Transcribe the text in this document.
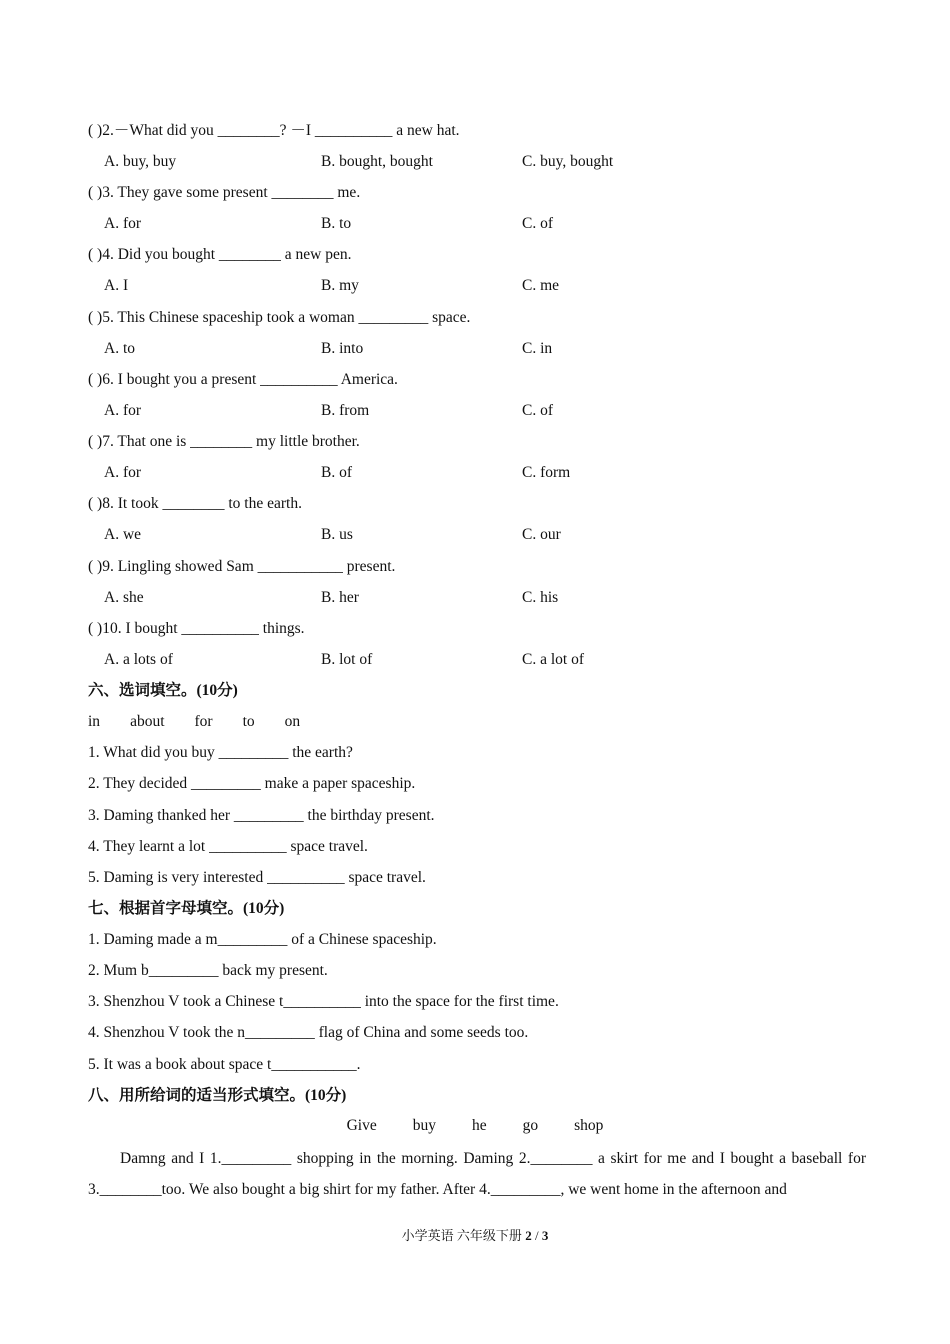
( )2.－What did you ________? －I __________ a new hat.
A. buy, buy	B. bought, bought	C. buy, bought
( )3. They gave some present ________ me.
A. for	B. to	C. of
( )4. Did you bought ________ a new pen.
A. I	B. my	C. me
( )5. This Chinese spaceship took a woman _________ space.
A. to	B. into	C. in
( )6. I bought you a present __________ America.
A. for	B. from	C. of
( )7. That one is ________ my little brother.
A. for	B. of	C. form
( )8. It took ________ to the earth.
A. we	B. us	C. our
( )9. Lingling showed Sam ___________ present.
A. she	B. her	C. his
( )10. I bought __________ things.
A. a lots of	B. lot of	C. a lot of
六、选词填空。(10分)
in about for to on
1. What did you buy _________ the earth?
2. They decided _________ make a paper spaceship.
3. Daming thanked her _________ the birthday present.
4. They learnt a lot __________ space travel.
5. Daming is very interested __________ space travel.
七、根据首字母填空。(10分)
1. Daming made a m_________ of a Chinese spaceship.
2. Mum b_________ back my present.
3. Shenzhou V took a Chinese t__________ into the space for the first time.
4. Shenzhou V took the n_________ flag of China and some seeds too.
5. It was a book about space t___________.
八、用所给词的适当形式填空。(10分)
Give buy he go shop
Damng and I 1._________ shopping in the morning. Daming 2.________ a skirt for me and I bought a baseball for 3.________too. We also bought a big shirt for my father. After 4._________, we went home in the afternoon and
小学英语 六年级下册 2 / 3
